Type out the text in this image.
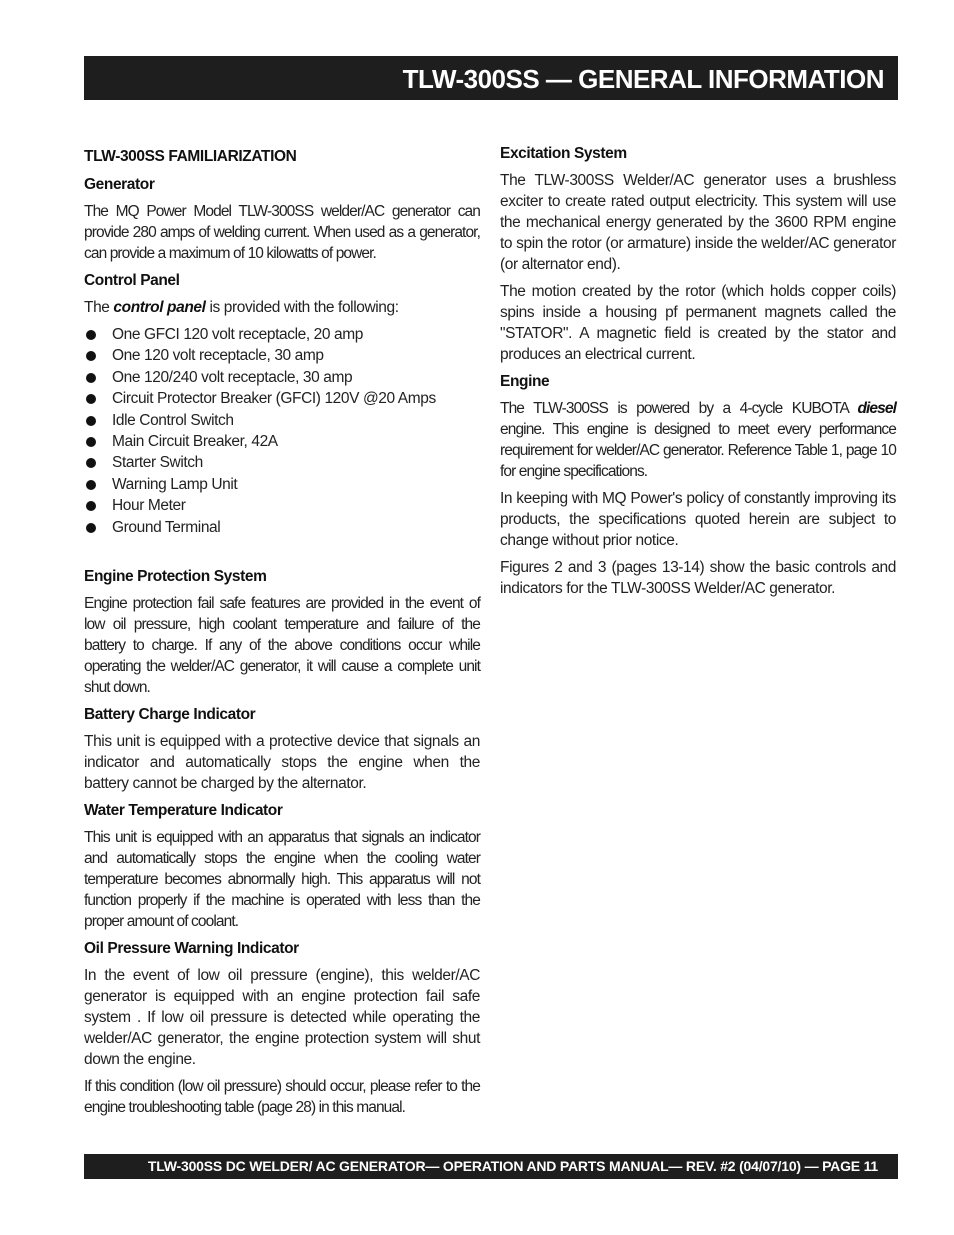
TLW-300SS — GENERAL INFORMATION
TLW-300SS FAMILIARIZATION
Generator

The MQ Power Model TLW-300SS welder/AC generator can provide 280 amps of welding current. When used as a generator, can provide a maximum of 10 kilowatts of power.

Control Panel

The control panel is provided with the following:

One GFCI 120 volt receptacle, 20 amp
One 120 volt receptacle, 30 amp
One 120/240 volt receptacle, 30 amp
Circuit Protector Breaker (GFCI) 120V @20 Amps
Idle Control Switch
Main Circuit Breaker, 42A
Starter Switch
Warning Lamp Unit
Hour Meter
Ground Terminal
Engine Protection System

Engine protection fail safe features are provided in the event of low oil pressure, high coolant temperature and failure of the battery to charge. If any of the above conditions occur while operating the welder/AC generator, it will cause a complete unit shut down.

Battery Charge Indicator

This unit is equipped with a protective device that signals an indicator and automatically stops the engine when the battery cannot be charged by the alternator.

Water Temperature Indicator

This unit is equipped with an apparatus that signals an indicator and automatically stops the engine when the cooling water temperature becomes abnormally high. This apparatus will not function properly if the machine is operated with less than the proper amount of coolant.

Oil Pressure Warning Indicator

In the event of low oil pressure (engine), this welder/AC generator is equipped with an engine protection fail safe system . If low oil pressure is detected while operating the welder/AC generator, the engine protection system will shut down the engine.

If this condition (low oil pressure) should occur, please refer to the engine troubleshooting table (page 28) in this manual.

Excitation System

The TLW-300SS Welder/AC generator uses a brushless exciter to create rated output electricity. This system will use the mechanical energy generated by the 3600 RPM engine to spin the rotor (or armature) inside the welder/AC generator (or alternator end).

The motion created by the rotor (which holds copper coils) spins inside a housing pf permanent magnets called the "STATOR". A magnetic field is created by the stator and produces an electrical current.

Engine

The TLW-300SS is powered by a 4-cycle KUBOTA diesel engine. This engine is designed to meet every performance requirement for welder/AC generator. Reference Table 1, page 10 for engine specifications.

In keeping with MQ Power's policy of constantly improving its products, the specifications quoted herein are subject to change without prior notice.

Figures 2 and 3 (pages 13-14) show the basic controls and indicators for the TLW-300SS Welder/AC generator.

TLW-300SS DC WELDER/ AC GENERATOR— OPERATION AND PARTS MANUAL— REV. #2 (04/07/10) — PAGE 11
